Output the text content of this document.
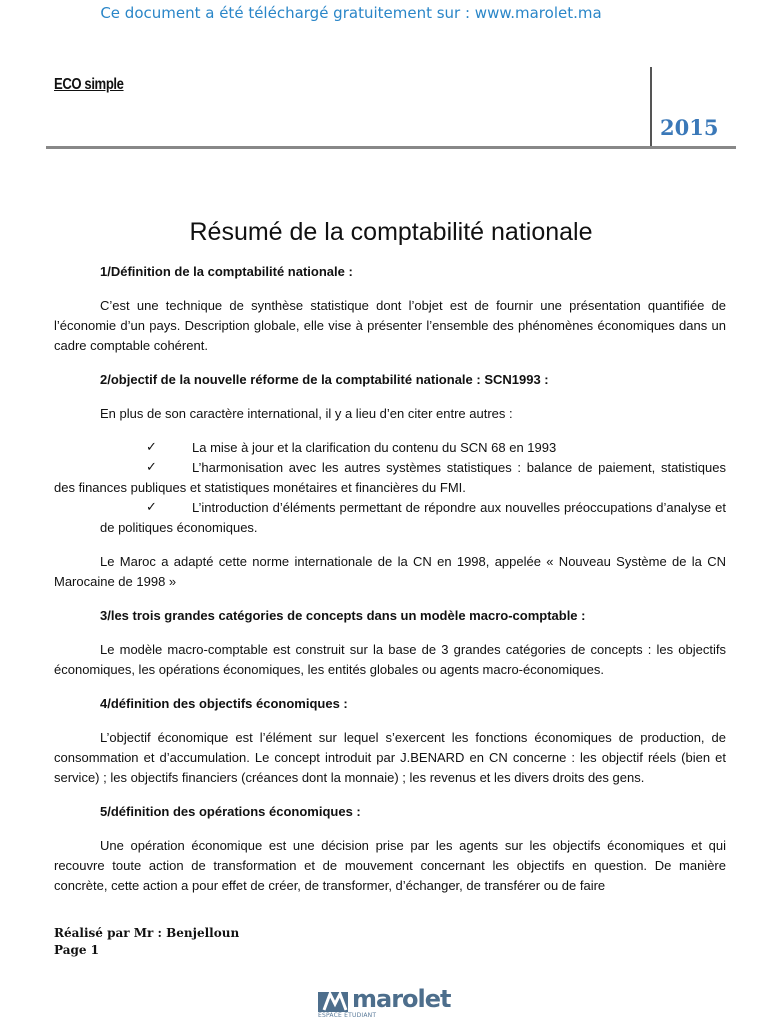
Ce document a été téléchargé gratuitement sur : www.marolet.ma
ECO simple
2015
Résumé de la comptabilité nationale
1/Définition de la comptabilité nationale :
C’est une technique de synthèse statistique dont l’objet est de fournir une présentation quantifiée de l’économie d’un pays. Description globale, elle vise à présenter l’ensemble des phénomènes économiques dans un cadre comptable cohérent.
2/objectif de la nouvelle réforme de la comptabilité nationale : SCN1993 :
En plus de son caractère international, il y a lieu d’en citer entre autres :
✓	La mise à jour et la clarification du contenu du SCN 68 en 1993
✓	L’harmonisation avec les autres systèmes statistiques : balance de paiement, statistiques des finances publiques et statistiques monétaires et financières du FMI.
✓	L’introduction d’éléments permettant de répondre aux nouvelles préoccupations d’analyse et de politiques économiques.
Le Maroc a adapté cette norme internationale de la CN en 1998, appelée « Nouveau Système de la CN Marocaine de 1998 »
3/les trois grandes catégories de concepts dans un modèle macro-comptable :
Le modèle macro-comptable est construit sur la base de 3 grandes catégories de concepts : les objectifs économiques, les opérations économiques, les entités globales ou agents macro-économiques.
4/définition des objectifs économiques :
L’objectif économique est l’élément sur lequel s’exercent les fonctions économiques de production, de consommation et d’accumulation. Le concept introduit par J.BENARD en CN concerne : les objectif réels (bien et service) ; les objectifs financiers (créances dont la monnaie) ; les revenus et les divers droits des gens.
5/définition des opérations économiques :
Une opération économique est une décision prise par les agents sur les objectifs économiques et qui recouvre toute action de transformation et de mouvement concernant les objectifs en question. De manière concrète, cette action a pour effet de créer, de transformer, d’échanger, de transférer ou de faire
Réalisé par Mr : Benjelloun
Page 1
marolet
ESPACE ÉTUDIANT
